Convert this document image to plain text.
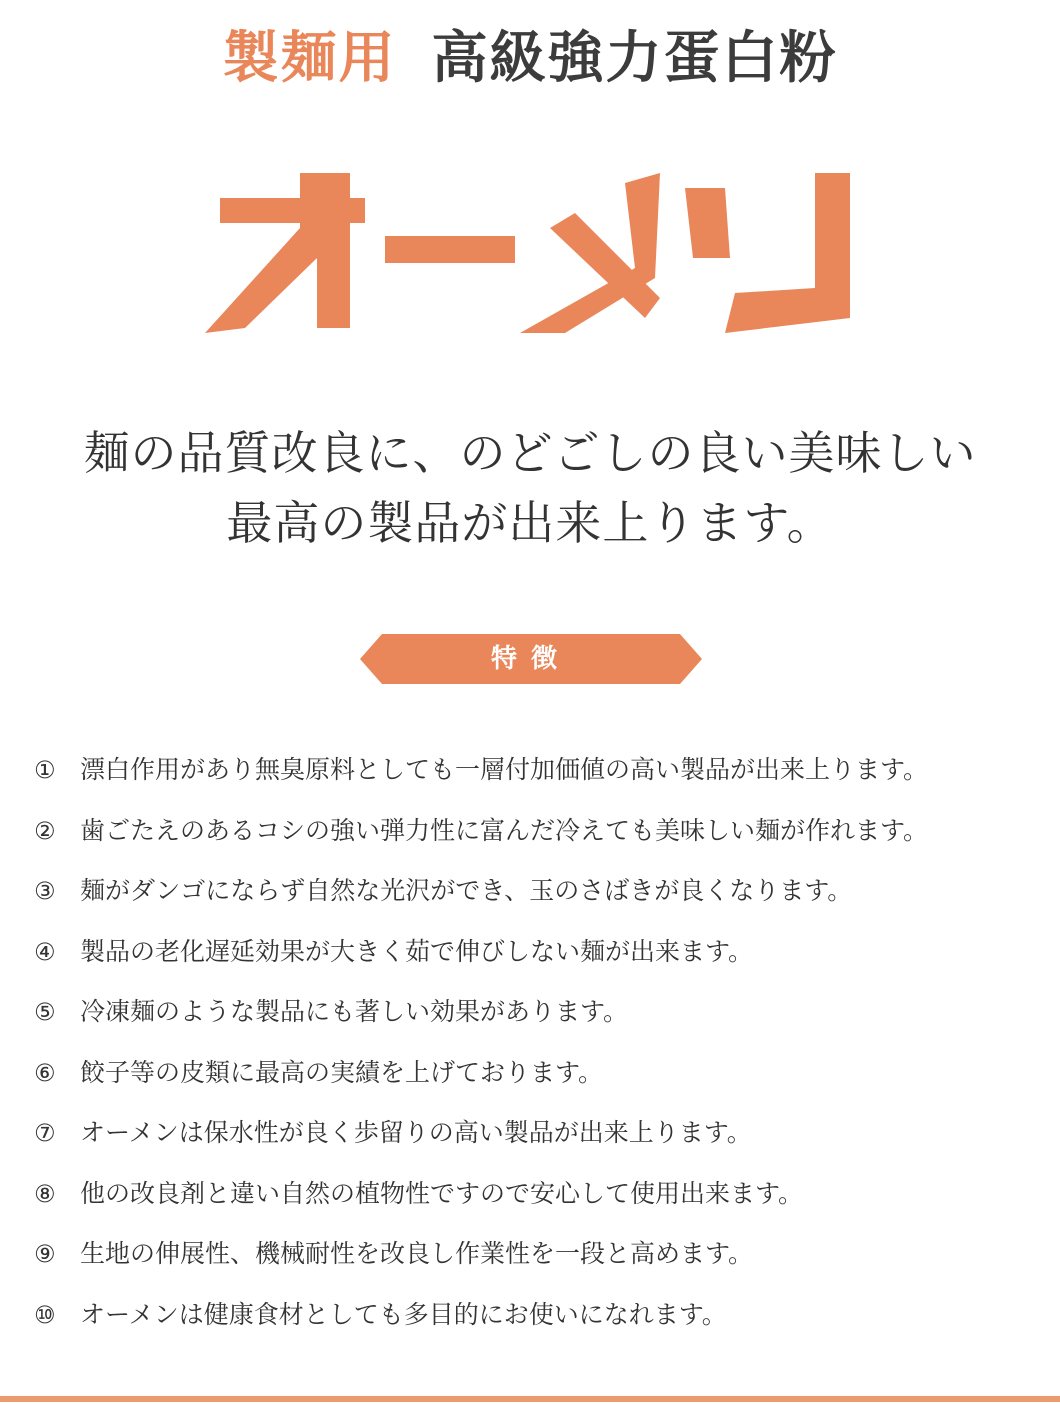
製麺用 高級強力蛋白粉
麺の品質改良に、のどごしの良い美味しい
最高の製品が出来上ります。
特徴
① 漂白作用があり無臭原料としても一層付加価値の高い製品が出来上ります。
② 歯ごたえのあるコシの強い弾力性に富んだ冷えても美味しい麺が作れます。
③ 麺がダンゴにならず自然な光沢ができ、玉のさばきが良くなります。
④ 製品の老化遅延効果が大きく茹で伸びしない麺が出来ます。
⑤ 冷凍麺のような製品にも著しい効果があります。
⑥ 餃子等の皮類に最高の実績を上げております。
⑦ オーメンは保水性が良く歩留りの高い製品が出来上ります。
⑧ 他の改良剤と違い自然の植物性ですので安心して使用出来ます。
⑨ 生地の伸展性、機械耐性を改良し作業性を一段と高めます。
⑩ オーメンは健康食材としても多目的にお使いになれます。
